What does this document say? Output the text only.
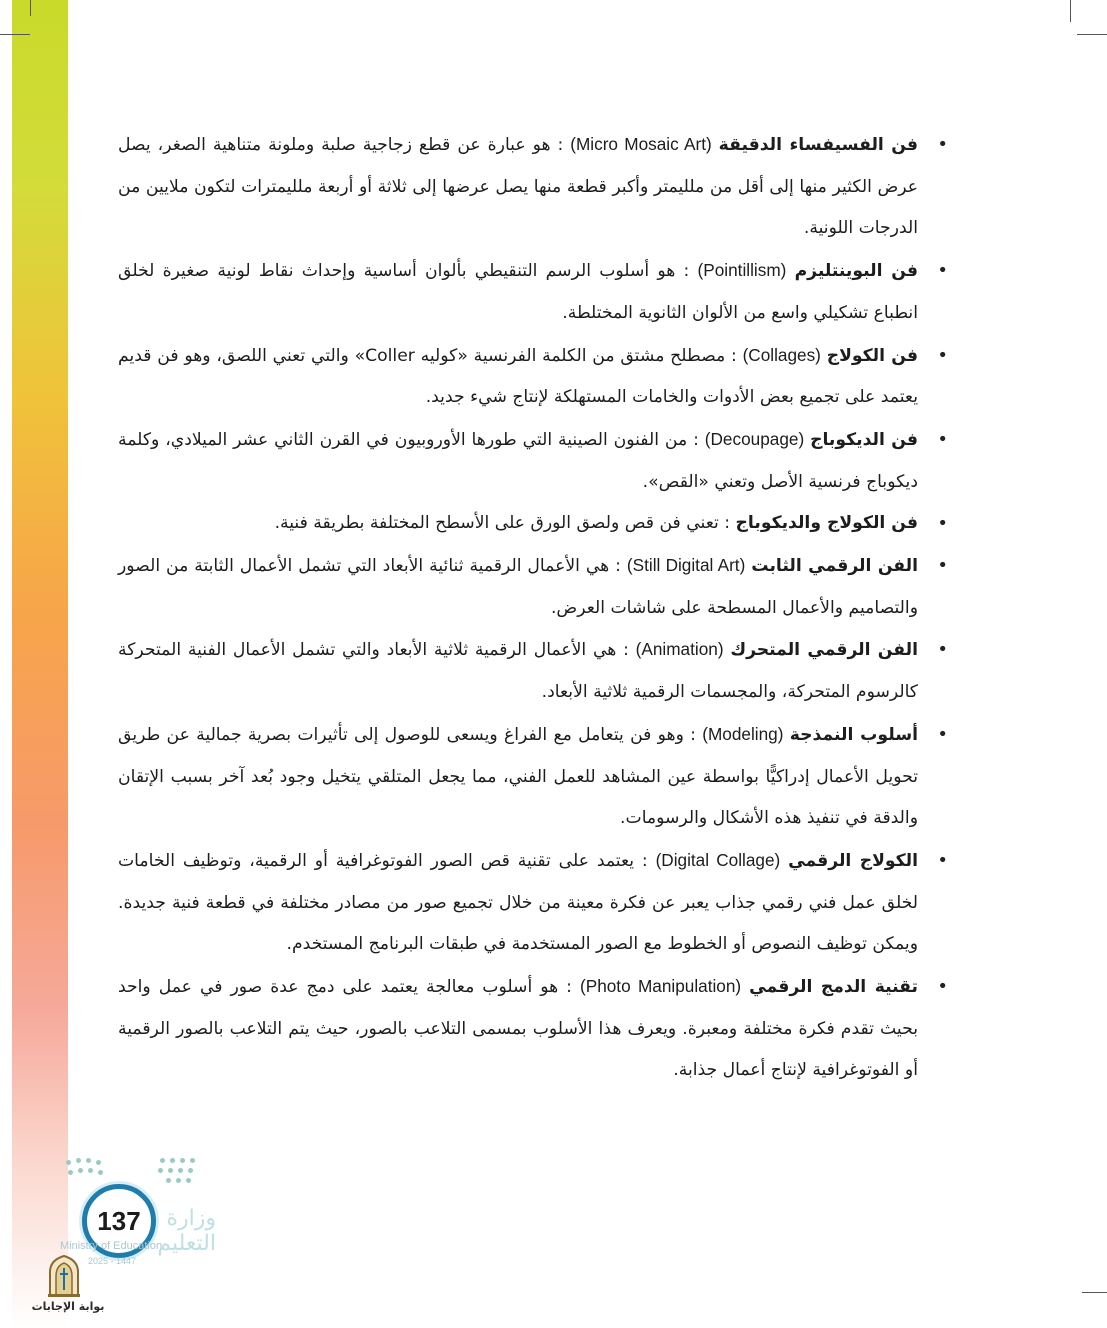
•
فن الفسيفساء الدقيقة (Micro Mosaic Art) : هو عبارة عن قطع زجاجية صلبة وملونة متناهية الصغر، يصل عرض الكثير منها إلى أقل من ملليمتر وأكبر قطعة منها يصل عرضها إلى ثلاثة أو أربعة ملليمترات لتكون ملايين من الدرجات اللونية.
•
فن البوينتليزم (Pointillism) : هو أسلوب الرسم التنقيطي بألوان أساسية وإحداث نقاط لونية صغيرة لخلق انطباع تشكيلي واسع من الألوان الثانوية المختلطة.
•
فن الكولاج (Collages) : مصطلح مشتق من الكلمة الفرنسية «كوليه Coller» والتي تعني اللصق، وهو فن قديم يعتمد على تجميع بعض الأدوات والخامات المستهلكة لإنتاج شيء جديد.
•
فن الديكوباج (Decoupage) : من الفنون الصينية التي طورها الأوروبيون في القرن الثاني عشر الميلادي، وكلمة ديكوباج فرنسية الأصل وتعني «القص».
•
فن الكولاج والديكوباج : تعني فن قص ولصق الورق على الأسطح المختلفة بطريقة فنية.
•
الفن الرقمي الثابت (Still Digital Art) : هي الأعمال الرقمية ثنائية الأبعاد التي تشمل الأعمال الثابتة من الصور والتصاميم والأعمال المسطحة على شاشات العرض.
•
الفن الرقمي المتحرك (Animation) : هي الأعمال الرقمية ثلاثية الأبعاد والتي تشمل الأعمال الفنية المتحركة كالرسوم المتحركة، والمجسمات الرقمية ثلاثية الأبعاد.
•
أسلوب النمذجة (Modeling) : وهو فن يتعامل مع الفراغ ويسعى للوصول إلى تأثيرات بصرية جمالية عن طريق تحويل الأعمال إدراكيًّا بواسطة عين المشاهد للعمل الفني، مما يجعل المتلقي يتخيل وجود بُعد آخر بسبب الإتقان والدقة في تنفيذ هذه الأشكال والرسومات.
•
الكولاج الرقمي (Digital Collage) : يعتمد على تقنية قص الصور الفوتوغرافية أو الرقمية، وتوظيف الخامات لخلق عمل فني رقمي جذاب يعبر عن فكرة معينة من خلال تجميع صور من مصادر مختلفة في قطعة فنية جديدة. ويمكن توظيف النصوص أو الخطوط مع الصور المستخدمة في طبقات البرنامج المستخدم.
•
تقنية الدمج الرقمي (Photo Manipulation) : هو أسلوب معالجة يعتمد على دمج عدة صور في عمل واحد بحيث تقدم فكرة مختلفة ومعبرة. ويعرف هذا الأسلوب بمسمى التلاعب بالصور، حيث يتم التلاعب بالصور الرقمية أو الفوتوغرافية لإنتاج أعمال جذابة.
وزارة التعليم
137
Ministry of Education
2025 - 1447
بوابة الإجابات
